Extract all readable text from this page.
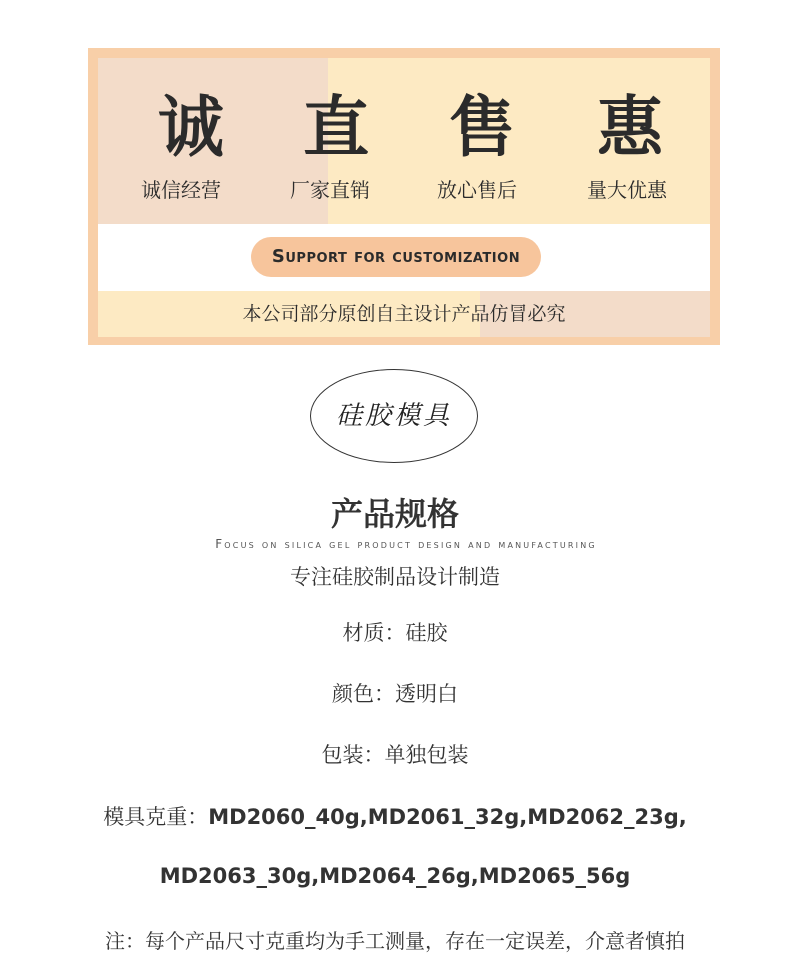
诚	直	售	惠
诚信经营	厂家直销	放心售后	量大优惠
Support for customization
本公司部分原创自主设计产品仿冒必究
硅胶模具
产品规格
Focus on silica gel product design and manufacturing
专注硅胶制品设计制造
材质：硅胶
颜色：透明白
包装：单独包装
模具克重：MD2060_40g,MD2061_32g,MD2062_23g,
MD2063_30g,MD2064_26g,MD2065_56g
注：每个产品尺寸克重均为手工测量，存在一定误差，介意者慎拍
